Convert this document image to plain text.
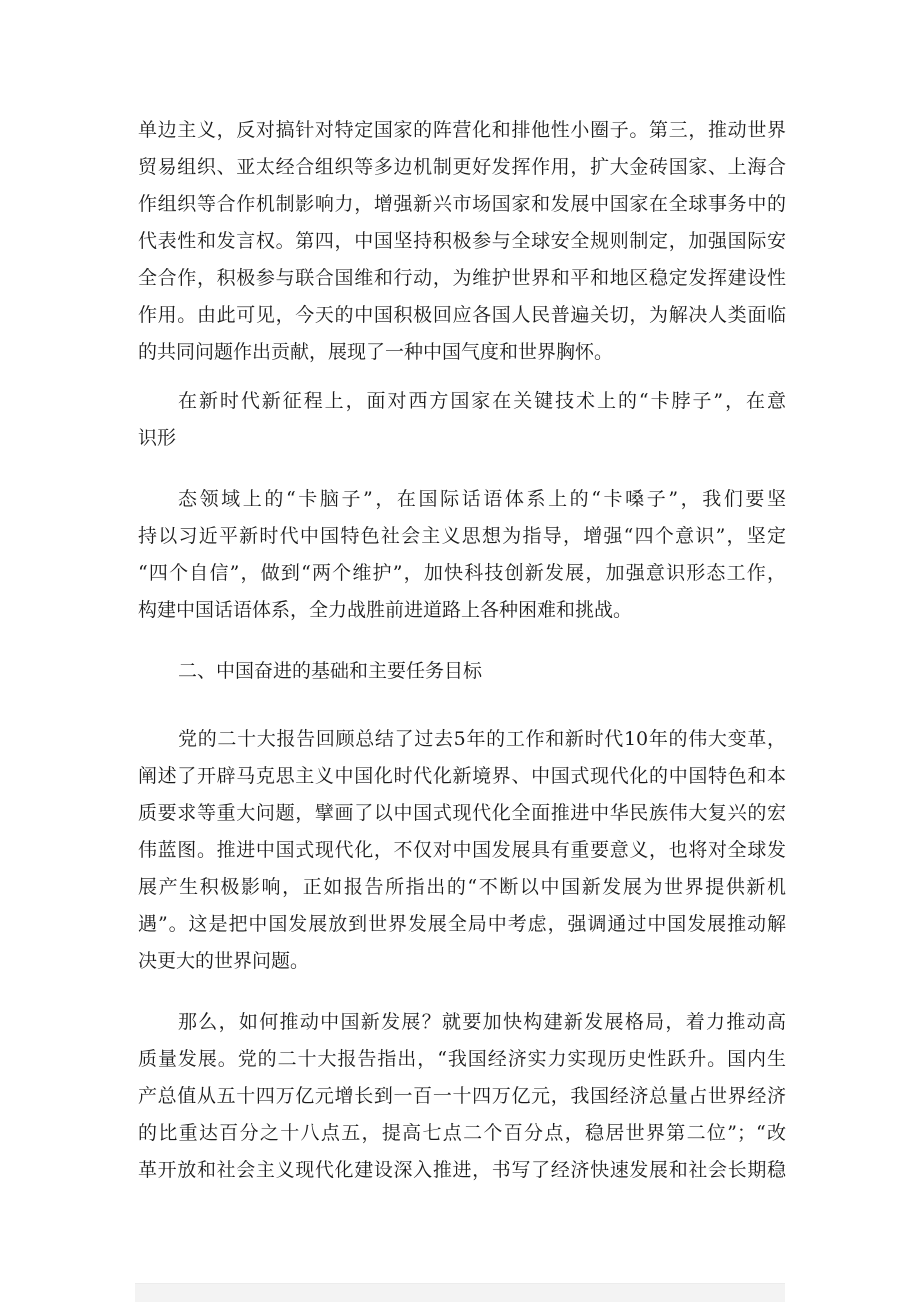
单边主义，反对搞针对特定国家的阵营化和排他性小圈子。第三，推动世界
贸易组织、亚太经合组织等多边机制更好发挥作用，扩大金砖国家、上海合
作组织等合作机制影响力，增强新兴市场国家和发展中国家在全球事务中的
代表性和发言权。第四，中国坚持积极参与全球安全规则制定，加强国际安
全合作，积极参与联合国维和行动，为维护世界和平和地区稳定发挥建设性
作用。由此可见，今天的中国积极回应各国人民普遍关切，为解决人类面临
的共同问题作出贡献，展现了一种中国气度和世界胸怀。
在新时代新征程上，面对西方国家在关键技术上的“卡脖子”，在意
识形
态领域上的“卡脑子”，在国际话语体系上的“卡嗓子”，我们要坚
持以习近平新时代中国特色社会主义思想为指导，增强“四个意识”，坚定
“四个自信”，做到“两个维护”，加快科技创新发展，加强意识形态工作，
构建中国话语体系，全力战胜前进道路上各种困难和挑战。
二、中国奋进的基础和主要任务目标
党的二十大报告回顾总结了过去5年的工作和新时代10年的伟大变革，
阐述了开辟马克思主义中国化时代化新境界、中国式现代化的中国特色和本
质要求等重大问题，擘画了以中国式现代化全面推进中华民族伟大复兴的宏
伟蓝图。推进中国式现代化，不仅对中国发展具有重要意义，也将对全球发
展产生积极影响，正如报告所指出的“不断以中国新发展为世界提供新机
遇”。这是把中国发展放到世界发展全局中考虑，强调通过中国发展推动解
决更大的世界问题。
那么，如何推动中国新发展？就要加快构建新发展格局，着力推动高
质量发展。党的二十大报告指出，“我国经济实力实现历史性跃升。国内生
产总值从五十四万亿元增长到一百一十四万亿元，我国经济总量占世界经济
的比重达百分之十八点五，提高七点二个百分点，稳居世界第二位”；“改
革开放和社会主义现代化建设深入推进，书写了经济快速发展和社会长期稳
